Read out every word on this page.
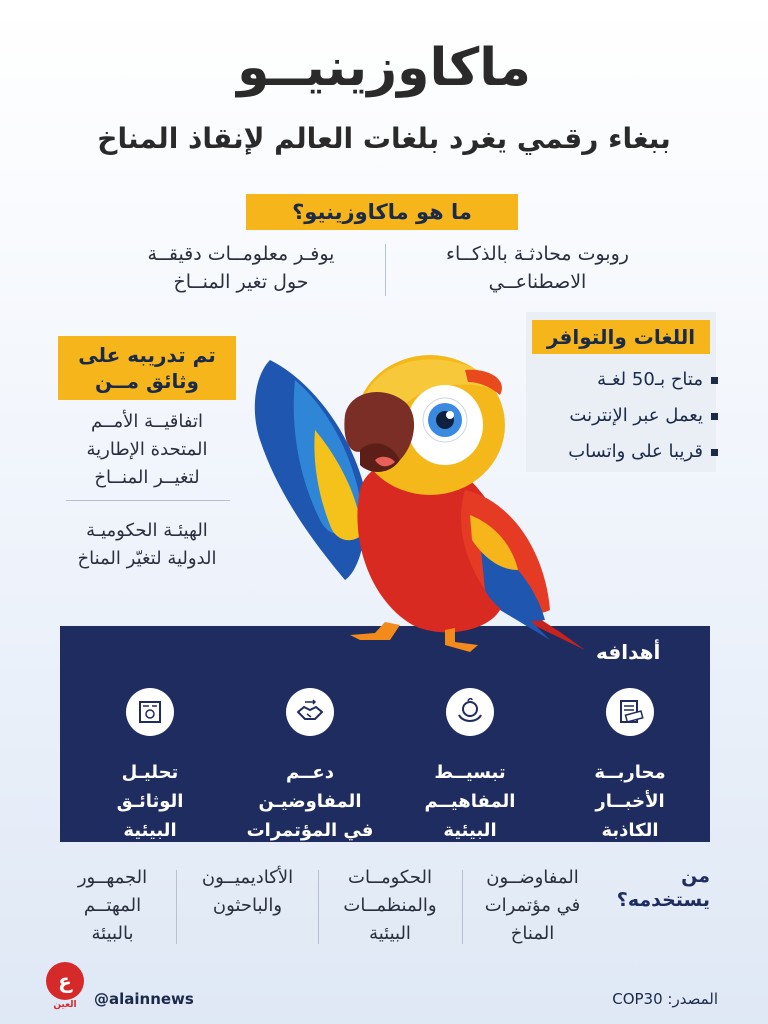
ماكاوزينيــو
ببغاء رقمي يغرد بلغات العالم لإنقاذ المناخ
ما هو ماكاوزينيو؟
روبوت محادثـة بالذكــاء
الاصطناعــي
يوفـر معلومــات دقيقــة
حول تغير المنــاخ
اللغات والتوافر
متاح بـ50 لغـة
يعمل عبر الإنترنت
قريبا على واتساب
تم تدريبه على
وثائق مــن
اتفاقيــة الأمــم
المتحدة الإطارية
لتغيــر المنــاخ
الهيئـة الحكوميـة
الدولية لتغيّر المناخ
أهدافه
محاربــة
الأخبــار
الكاذبة
تبسيــط
المفاهيــم
البيئية
دعــم
المفاوضيـن
في المؤتمرات
تحليـل
الوثائـق
البيئية
من
يستخدمه؟
المفاوضــون
في مؤتمرات
المناخ
الحكومــات
والمنظمــات
البيئية
الأكاديميــون
والباحثون
الجمهــور
المهتــم
بالبيئة
ع
العين	@alainnews	المصدر: COP30
